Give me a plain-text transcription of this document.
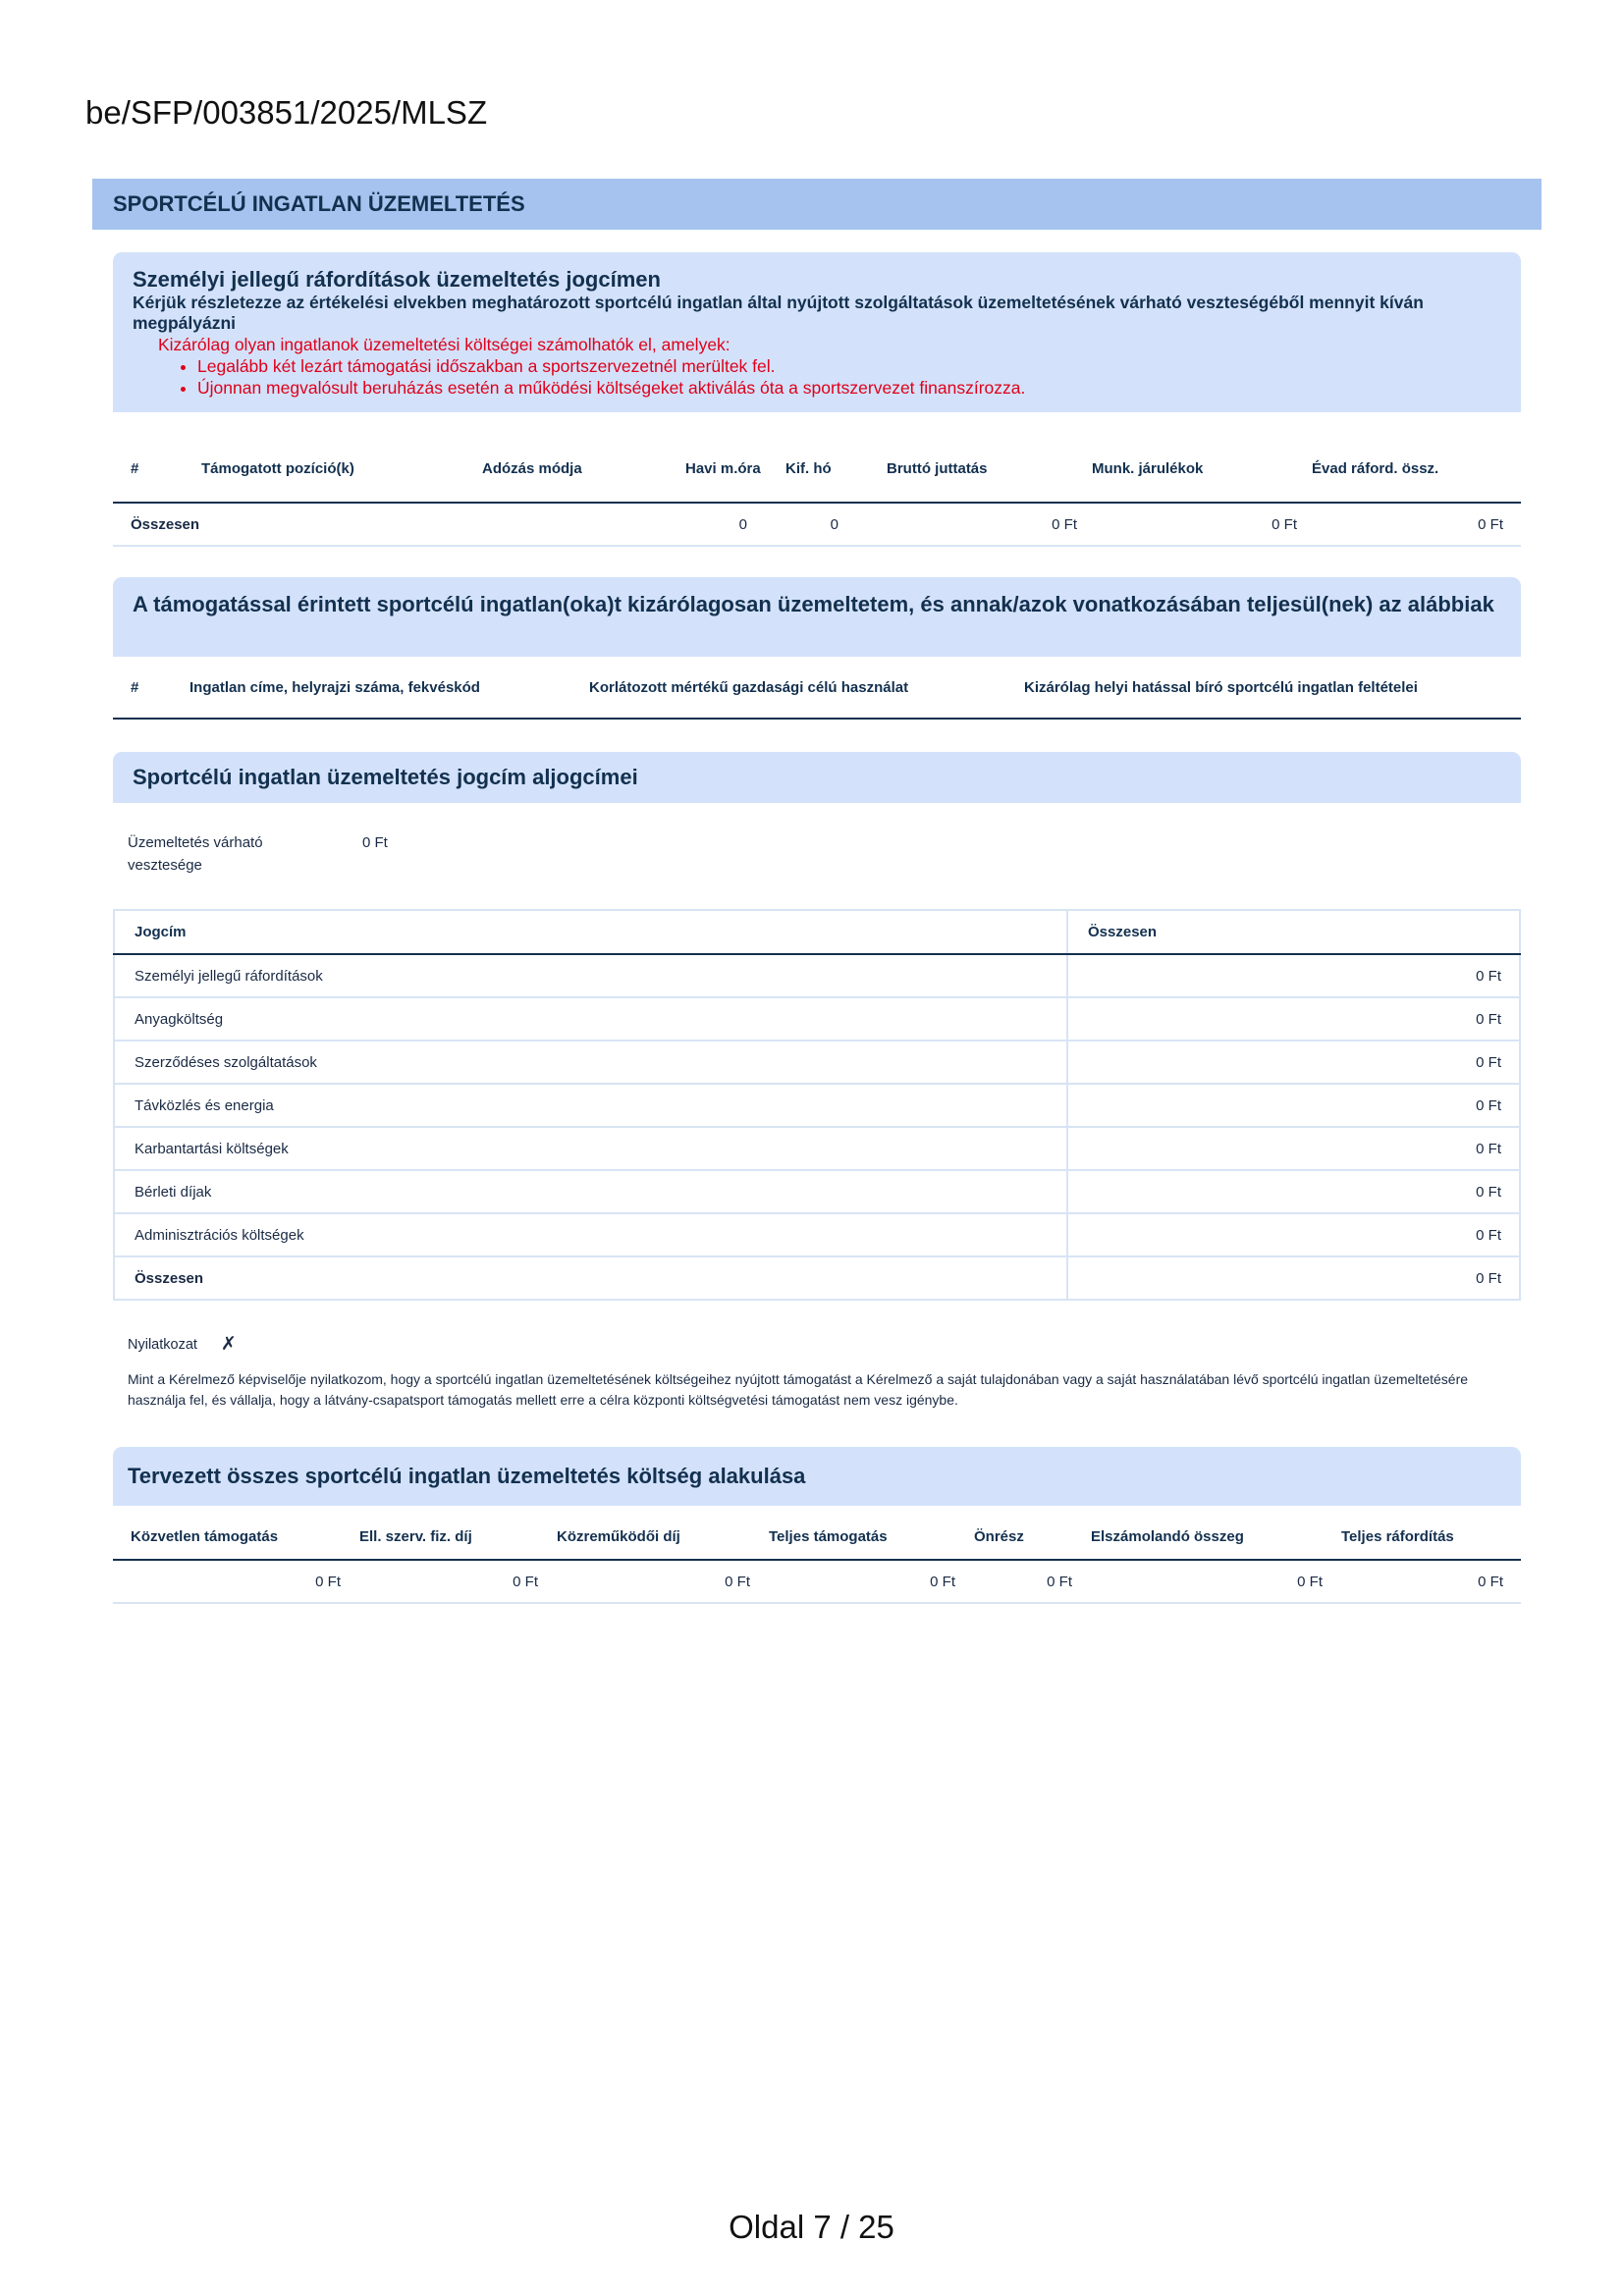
be/SFP/003851/2025/MLSZ
SPORTCÉLÚ INGATLAN ÜZEMELTETÉS
Személyi jellegű ráfordítások üzemeltetés jogcímen
Kérjük részletezze az értékelési elvekben meghatározott sportcélú ingatlan által nyújtott szolgáltatások üzemeltetésének várható veszteségéből mennyit kíván megpályázni
Kizárólag olyan ingatlanok üzemeltetési költségei számolhatók el, amelyek:
• Legalább két lezárt támogatási időszakban a sportszervezetnél merültek fel.
• Újonnan megvalósult beruházás esetén a működési költségeket aktiválás óta a sportszervezet finanszírozza.
#	Támogatott pozíció(k)	Adózás módja	Havi m.óra	Kif. hó	Bruttó juttatás	Munk. járulékok	Évad ráford. össz.
Összesen			0	0	0 Ft	0 Ft	0 Ft
A támogatással érintett sportcélú ingatlan(oka)t kizárólagosan üzemeltetem, és annak/azok vonatkozásában teljesül(nek) az alábbiak
#	Ingatlan címe, helyrajzi száma, fekvéskód	Korlátozott mértékű gazdasági célú használat	Kizárólag helyi hatással bíró sportcélú ingatlan feltételei
Sportcélú ingatlan üzemeltetés jogcím aljogcímei
Üzemeltetés várható
vesztesége
0 Ft
Jogcím	Összesen
Személyi jellegű ráfordítások	0 Ft
Anyagköltség	0 Ft
Szerződéses szolgáltatások	0 Ft
Távközlés és energia	0 Ft
Karbantartási költségek	0 Ft
Bérleti díjak	0 Ft
Adminisztrációs költségek	0 Ft
Összesen	0 Ft
Nyilatkozat ✗
Mint a Kérelmező képviselője nyilatkozom, hogy a sportcélú ingatlan üzemeltetésének költségeihez nyújtott támogatást a Kérelmező a saját tulajdonában vagy a saját használatában lévő sportcélú ingatlan üzemeltetésére használja fel, és vállalja, hogy a látvány-csapatsport támogatás mellett erre a célra központi költségvetési támogatást nem vesz igénybe.
Tervezett összes sportcélú ingatlan üzemeltetés költség alakulása
Közvetlen támogatás	Ell. szerv. fiz. díj	Közreműködői díj	Teljes támogatás	Önrész	Elszámolandó összeg	Teljes ráfordítás
0 Ft	0 Ft	0 Ft	0 Ft	0 Ft	0 Ft	0 Ft
Oldal 7 / 25
